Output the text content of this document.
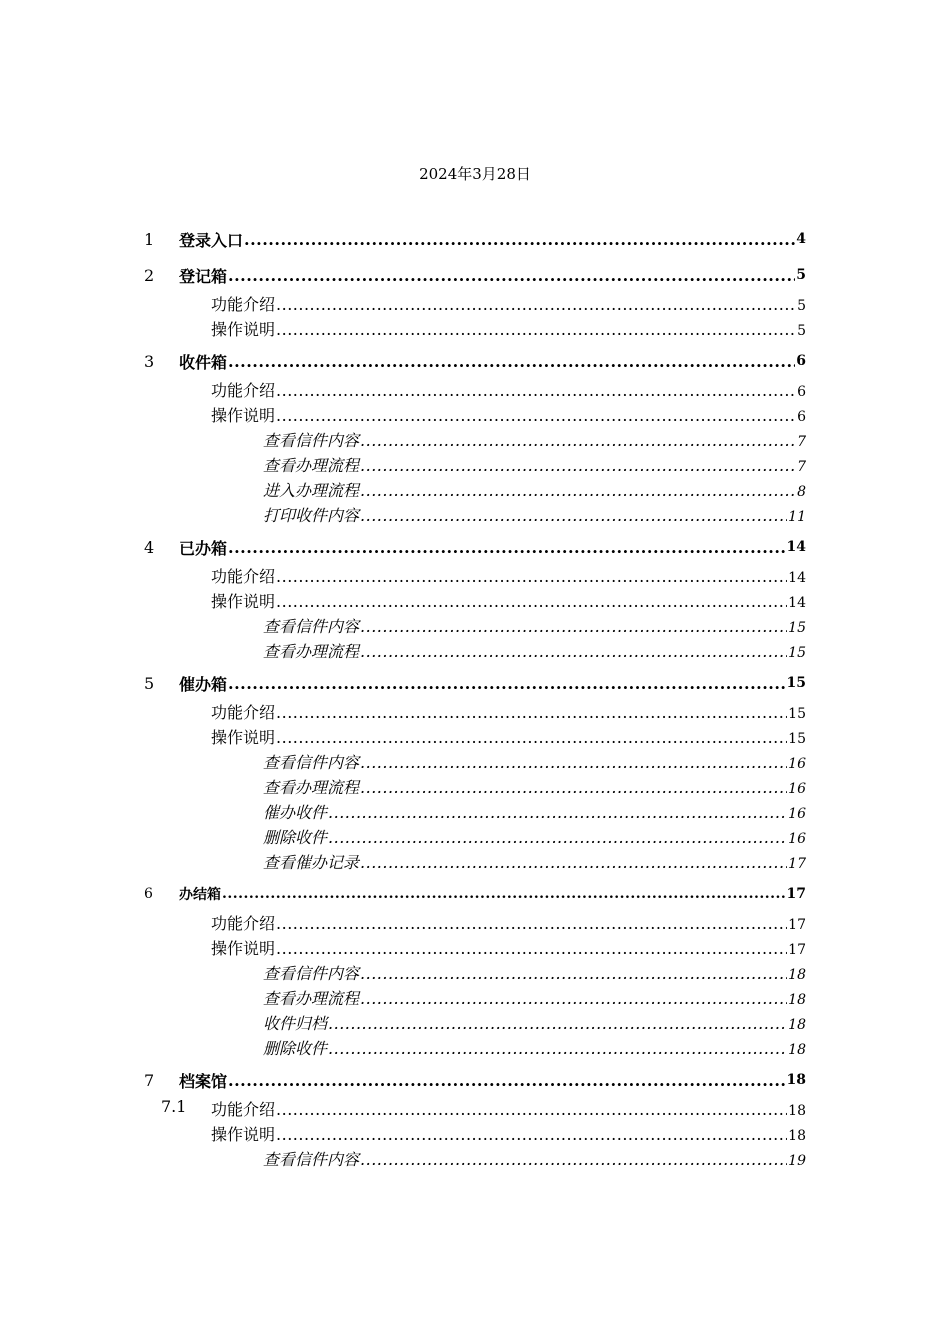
2024年3月28日
1 登录入口 .....	4
2 登记箱 .....	5
功能介绍 .....	5
操作说明 .....	5
3 收件箱 .....	6
功能介绍 .....	6
操作说明 .....	6
查看信件内容 .....	7
查看办理流程 .....	7
进入办理流程 .....	8
打印收件内容 .....	11
4 已办箱 .....	14
功能介绍 .....	14
操作说明 .....	14
查看信件内容 .....	15
查看办理流程 .....	15
5 催办箱 .....	15
功能介绍 .....	15
操作说明 .....	15
查看信件内容 .....	16
查看办理流程 .....	16
催办收件 .....	16
删除收件 .....	16
查看催办记录 .....	17
6 办结箱 .....	17
功能介绍 .....	17
操作说明 .....	17
查看信件内容 .....	18
查看办理流程 .....	18
收件归档 .....	18
删除收件 .....	18
7 档案馆 .....	18
7.1 功能介绍 .....	18
操作说明 .....	18
查看信件内容 .....	19
